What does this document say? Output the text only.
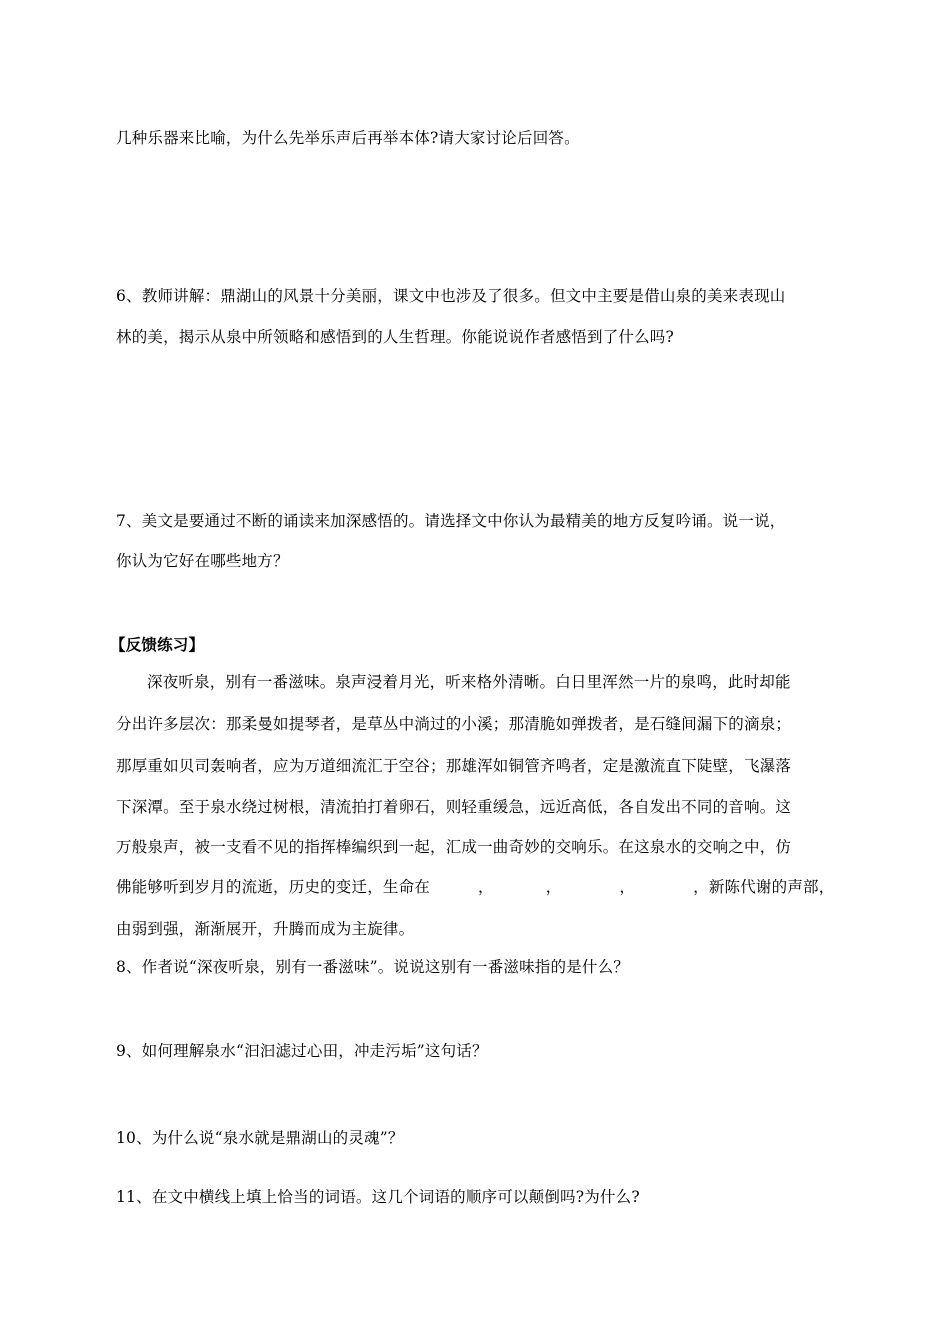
几种乐器来比喻，为什么先举乐声后再举本体?请大家讨论后回答。
6、教师讲解：鼎湖山的风景十分美丽，课文中也涉及了很多。但文中主要是借山泉的美来表现山
林的美，揭示从泉中所领略和感悟到的人生哲理。你能说说作者感悟到了什么吗?
7、美文是要通过不断的诵读来加深感悟的。请选择文中你认为最精美的地方反复吟诵。说一说，
你认为它好在哪些地方？
【反馈练习】
深夜听泉，别有一番滋味。泉声浸着月光，听来格外清晰。白日里浑然一片的泉鸣，此时却能
分出许多层次：那柔曼如提琴者，是草丛中淌过的小溪；那清脆如弹拨者，是石缝间漏下的滴泉；
那厚重如贝司轰响者，应为万道细流汇于空谷；那雄浑如铜管齐鸣者，定是激流直下陡壁，飞瀑落
下深潭。至于泉水绕过树根，清流拍打着卵石，则轻重缓急，远近高低，各自发出不同的音响。这
万般泉声，被一支看不见的指挥棒编织到一起，汇成一曲奇妙的交响乐。在这泉水的交响之中，仿
佛能够听到岁月的流逝，历史的变迁，生命在	，	，	，	，新陈代谢的声部，
由弱到强，渐渐展开，升腾而成为主旋律。
8、作者说“深夜听泉，别有一番滋味”。说说这别有一番滋味指的是什么？
9、如何理解泉水“汩汩滤过心田，冲走污垢”这句话？
10、为什么说“泉水就是鼎湖山的灵魂”？
11、在文中横线上填上恰当的词语。这几个词语的顺序可以颠倒吗?为什么?
